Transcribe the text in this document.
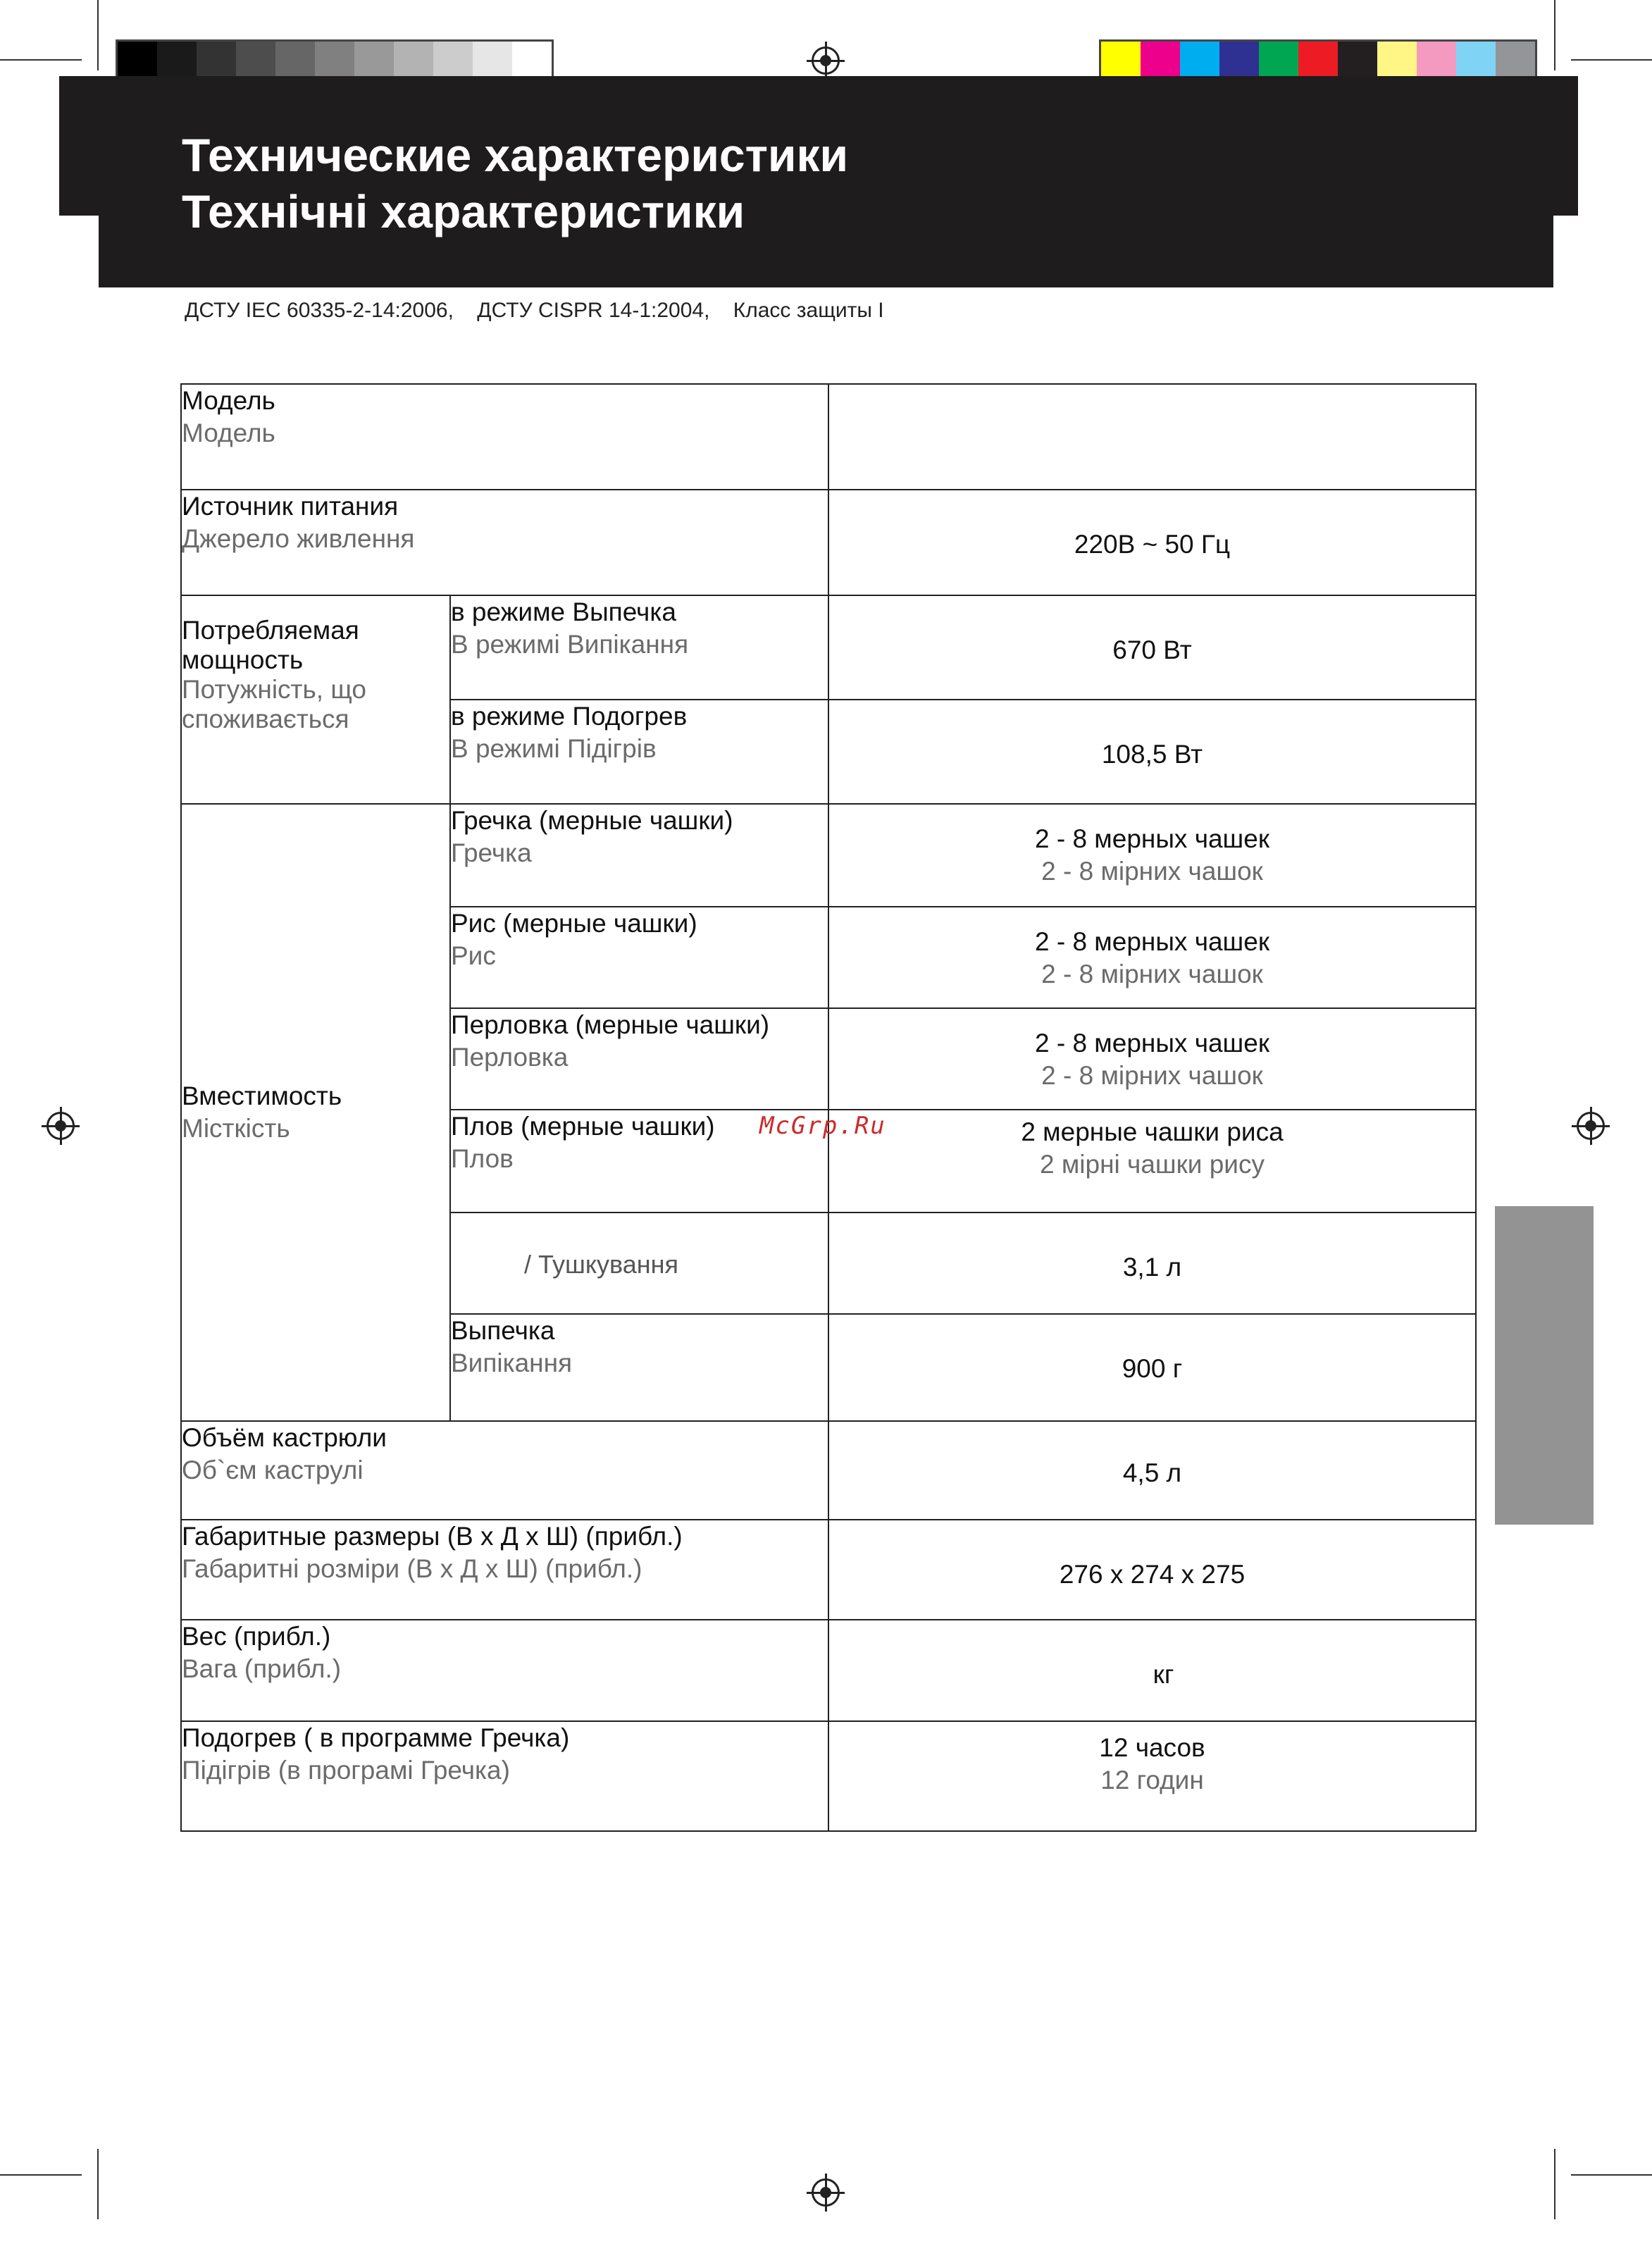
Технические характеристики
Технічні характеристики
ДСТУ IEC 60335-2-14:2006,    ДСТУ CISPR 14-1:2004,    Класс защиты I
Модель
Модель		

Источник питания
Джерело живлення		220В ~ 50 Гц

Потребляемая мощность
Потужність, що споживається	в режиме Выпечка
В режимі Випікання	670 Вт

	в режиме Подогрев
В режимі Підігрів	108,5 Вт

Вместимость
Місткість	Гречка (мерные чашки)
Гречка	2 - 8 мерных чашек
2 - 8 мірних чашок

	Рис (мерные чашки)
Рис	2 - 8 мерных чашек
2 - 8 мірних чашок

	Перловка (мерные чашки)
Перловка	2 - 8 мерных чашек
2 - 8 мірних чашок

	Плов (мерные чашки)
Плов	2 мерные чашки риса
2 мірні чашки рису

	/ Тушкування	3,1 л

	Выпечка
Випікання	900 г

Объём кастрюли
Об`єм каструлі		4,5 л

Габаритные размеры (В х Д х Ш) (прибл.)
Габаритні розміри (В х Д х Ш) (прибл.)		276 x 274 x 275

Вес (прибл.)
Вага (прибл.)		кг

Подогрев ( в программе Гречка)
Підігрів (в програмі Гречка)		12 часов
12 годин
McGrp.Ru
